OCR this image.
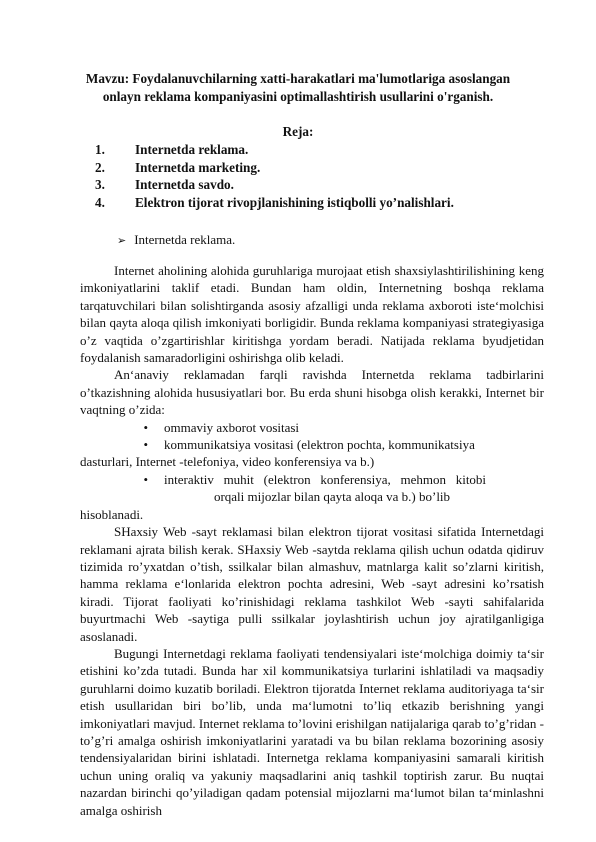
Mavzu: Foydalanuvchilarning xatti-harakatlari ma'lumotlariga asoslangan
onlayn reklama kompaniyasini optimallashtirish usullarini o'rganish.
Reja:
1.	Internetda reklama.
2.	Internetda marketing.
3.	Internetda savdo.
4.	Elektron tijorat rivopjlanishining istiqbolli yo’nalishlari.
➢ Internetda reklama.

Internet aholining alohida guruhlariga murojaat etish shaxsiylashtirilishining keng imkoniyatlarini taklif etadi. Bundan ham oldin, Internetning boshqa reklama tarqatuvchilari bilan solishtirganda asosiy afzalligi unda reklama axboroti iste‘molchisi bilan qayta aloqa qilish imkoniyati borligidir. Bunda reklama kompaniyasi strategiyasiga o’z vaqtida o’zgartirishlar kiritishga yordam beradi. Natijada reklama byudjetidan foydalanish samaradorligini oshirishga olib keladi.

An‘anaviy reklamadan farqli ravishda Internetda reklama tadbirlarini o’tkazishning alohida hususiyatlari bor. Bu erda shuni hisobga olish kerakki, Internet bir vaqtning o’zida:

•	ommaviy axborot vositasi
•	kommunikatsiya vositasi (elektron pochta, kommunikatsiya

dasturlari, Internet -telefoniya, video konferensiya va b.)

•	interaktiv   muhit   (elektron   konferensiya,   mehmon   kitobi

orqali mijozlar bilan qayta aloqa va b.) bo’lib

hisoblanadi.

SHaxsiy Web -sayt reklamasi bilan elektron tijorat vositasi sifatida Internetdagi reklamani ajrata bilish kerak. SHaxsiy Web -saytda reklama qilish uchun odatda qidiruv tizimida ro’yxatdan o’tish, ssilkalar bilan almashuv, matnlarga kalit so’zlarni kiritish, hamma reklama e‘lonlarida elektron pochta adresini, Web -sayt adresini ko’rsatish kiradi. Tijorat faoliyati ko’rinishidagi reklama tashkilot Web -sayti sahifalarida buyurtmachi Web -saytiga pulli ssilkalar joylashtirish uchun joy ajratilganligiga asoslanadi.

Bugungi Internetdagi reklama faoliyati tendensiyalari iste‘molchiga doimiy ta‘sir etishini ko’zda tutadi. Bunda har xil kommunikatsiya turlarini ishlatiladi va maqsadiy guruhlarni doimo kuzatib boriladi. Elektron tijoratda Internet reklama auditoriyaga ta‘sir etish usullaridan biri bo’lib, unda ma‘lumotni to’liq etkazib berishning yangi imkoniyatlari mavjud. Internet reklama to’lovini erishilgan natijalariga qarab to’g’ridan - to’g’ri amalga oshirish imkoniyatlarini yaratadi va bu bilan reklama bozorining asosiy tendensiyalaridan birini ishlatadi. Internetga reklama kompaniyasini samarali kiritish uchun uning oraliq va yakuniy maqsadlarini aniq tashkil toptirish zarur. Bu nuqtai nazardan birinchi qo’yiladigan qadam potensial mijozlarni ma‘lumot bilan ta‘minlashni amalga oshirish
